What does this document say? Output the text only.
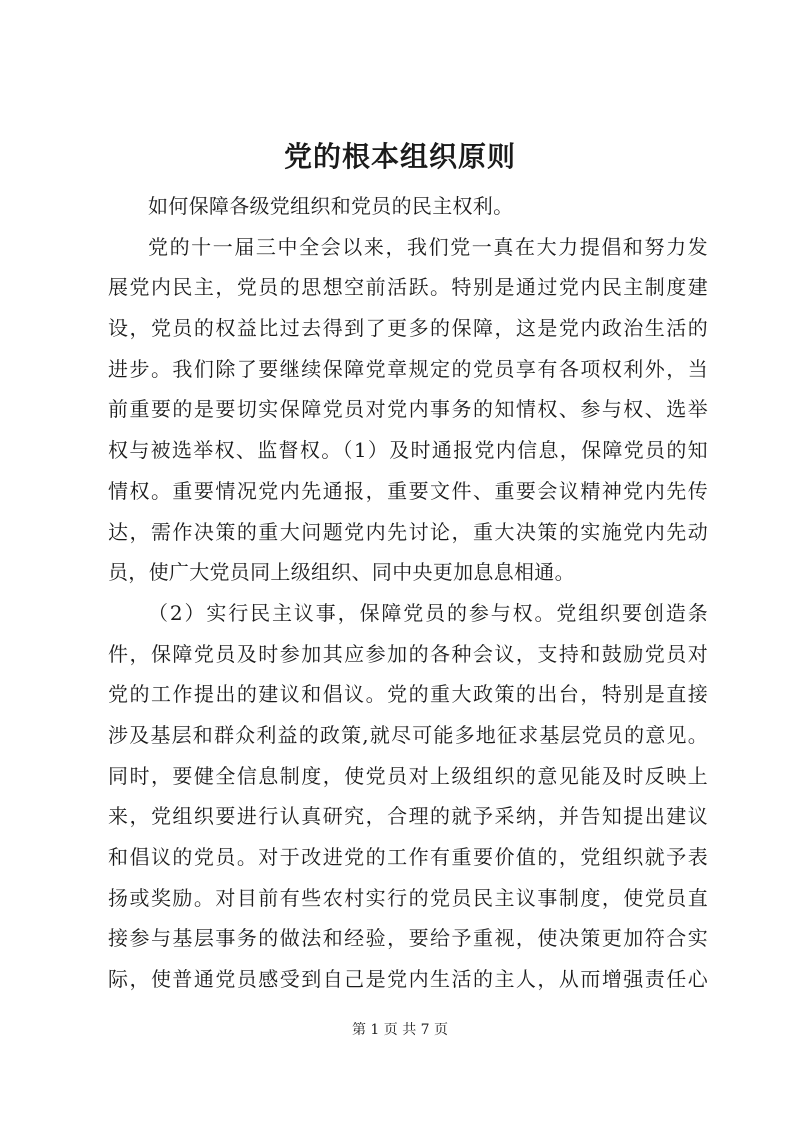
党的根本组织原则
如何保障各级党组织和党员的民主权利。
党的十一届三中全会以来，我们党一真在大力提倡和努力发
展党内民主，党员的思想空前活跃。特别是通过党内民主制度建
设，党员的权益比过去得到了更多的保障，这是党内政治生活的
进步。我们除了要继续保障党章规定的党员享有各项权利外，当
前重要的是要切实保障党员对党内事务的知情权、参与权、选举
权与被选举权、监督权。（1）及时通报党内信息，保障党员的知
情权。重要情况党内先通报，重要文件、重要会议精神党内先传
达，需作决策的重大问题党内先讨论，重大决策的实施党内先动
员，使广大党员同上级组织、同中央更加息息相通。
（2）实行民主议事，保障党员的参与权。党组织要创造条
件，保障党员及时参加其应参加的各种会议，支持和鼓励党员对
党的工作提出的建议和倡议。党的重大政策的出台，特别是直接
涉及基层和群众利益的政策,就尽可能多地征求基层党员的意见。
同时，要健全信息制度，使党员对上级组织的意见能及时反映上
来，党组织要进行认真研究，合理的就予采纳，并告知提出建议
和倡议的党员。对于改进党的工作有重要价值的，党组织就予表
扬或奖励。对目前有些农村实行的党员民主议事制度，使党员直
接参与基层事务的做法和经验，要给予重视，使决策更加符合实
际，使普通党员感受到自己是党内生活的主人，从而增强责任心
第 1 页 共 7 页
